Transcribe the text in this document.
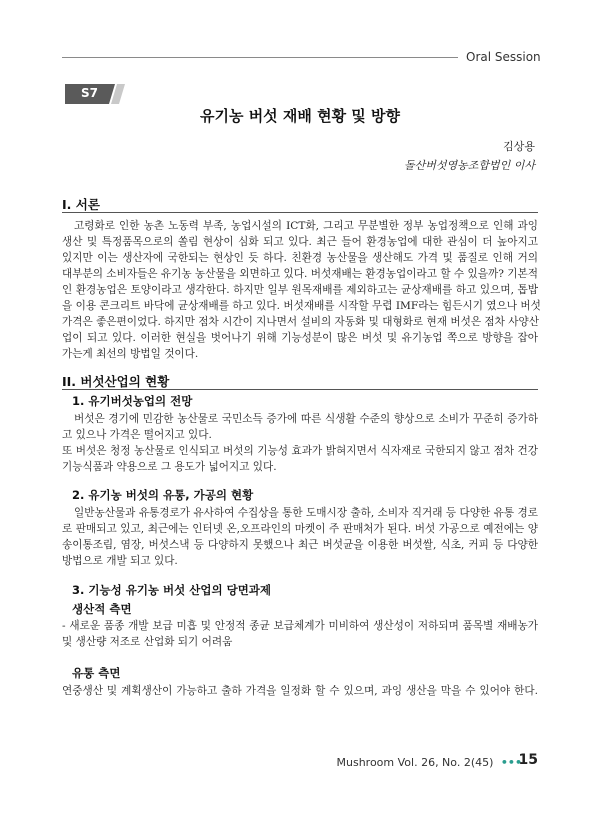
Oral Session
S7
유기농 버섯 재배 현황 및 방향
김상용
돌산버섯영농조합법인 이사
I. 서론
고령화로 인한 농촌 노동력 부족, 농업시설의 ICT화, 그리고 무분별한 정부 농업정책으로 인해 과잉
생산 및 특정품목으로의 쏠림 현상이 심화 되고 있다. 최근 들어 환경농업에 대한 관심이 더 높아지고
있지만 이는 생산자에 국한되는 현상인 듯 하다. 친환경 농산물을 생산해도 가격 및 품질로 인해 거의
대부분의 소비자들은 유기농 농산물을 외면하고 있다. 버섯재배는 환경농업이라고 할 수 있을까? 기본적
인 환경농업은 토양이라고 생각한다. 하지만 일부 원목재배를 제외하고는 균상재배를 하고 있으며, 톱밥
을 이용 콘크리트 바닥에 균상재배를 하고 있다. 버섯재배를 시작할 무렵 IMF라는 힘든시기 였으나 버섯
가격은 좋은편이었다. 하지만 점차 시간이 지나면서 설비의 자동화 및 대형화로 현재 버섯은 점차 사양산
업이 되고 있다. 이러한 현실을 벗어나기 위해 기능성분이 많은 버섯 및 유기농업 쪽으로 방향을 잡아
가는게 최선의 방법일 것이다.
II. 버섯산업의 현황
1. 유기버섯농업의 전망
버섯은 경기에 민감한 농산물로 국민소득 증가에 따른 식생활 수준의 향상으로 소비가 꾸준히 증가하
고 있으나 가격은 떨어지고 있다.
또 버섯은 청정 농산물로 인식되고 버섯의 기능성 효과가 밝혀지면서 식자재로 국한되지 않고 점차 건강
기능식품과 약용으로 그 용도가 넓어지고 있다.
2. 유기농 버섯의 유통, 가공의 현황
일반농산물과 유통경로가 유사하여 수집상을 통한 도매시장 출하, 소비자 직거래 등 다양한 유통 경로
로 판매되고 있고, 최근에는 인터넷 온,오프라인의 마켓이 주 판매처가 된다. 버섯 가공으로 예전에는 양
송이통조림, 염장, 버섯스낵 등 다양하지 못했으나 최근 버섯균을 이용한 버섯쌀, 식초, 커피 등 다양한
방법으로 개발 되고 있다.
3. 기능성 유기농 버섯 산업의 당면과제
생산적 측면
- 새로운 품종 개발 보급 미흡 및 안정적 종균 보급체계가 미비하여 생산성이 저하되며 품목별 재배농가
및 생산량 저조로 산업화 되기 어려움
유통 측면
연중생산 및 계획생산이 가능하고 출하 가격을 일정화 할 수 있으며, 과잉 생산을 막을 수 있어야 한다.
Mushroom Vol. 26, No. 2(45) •••
15
